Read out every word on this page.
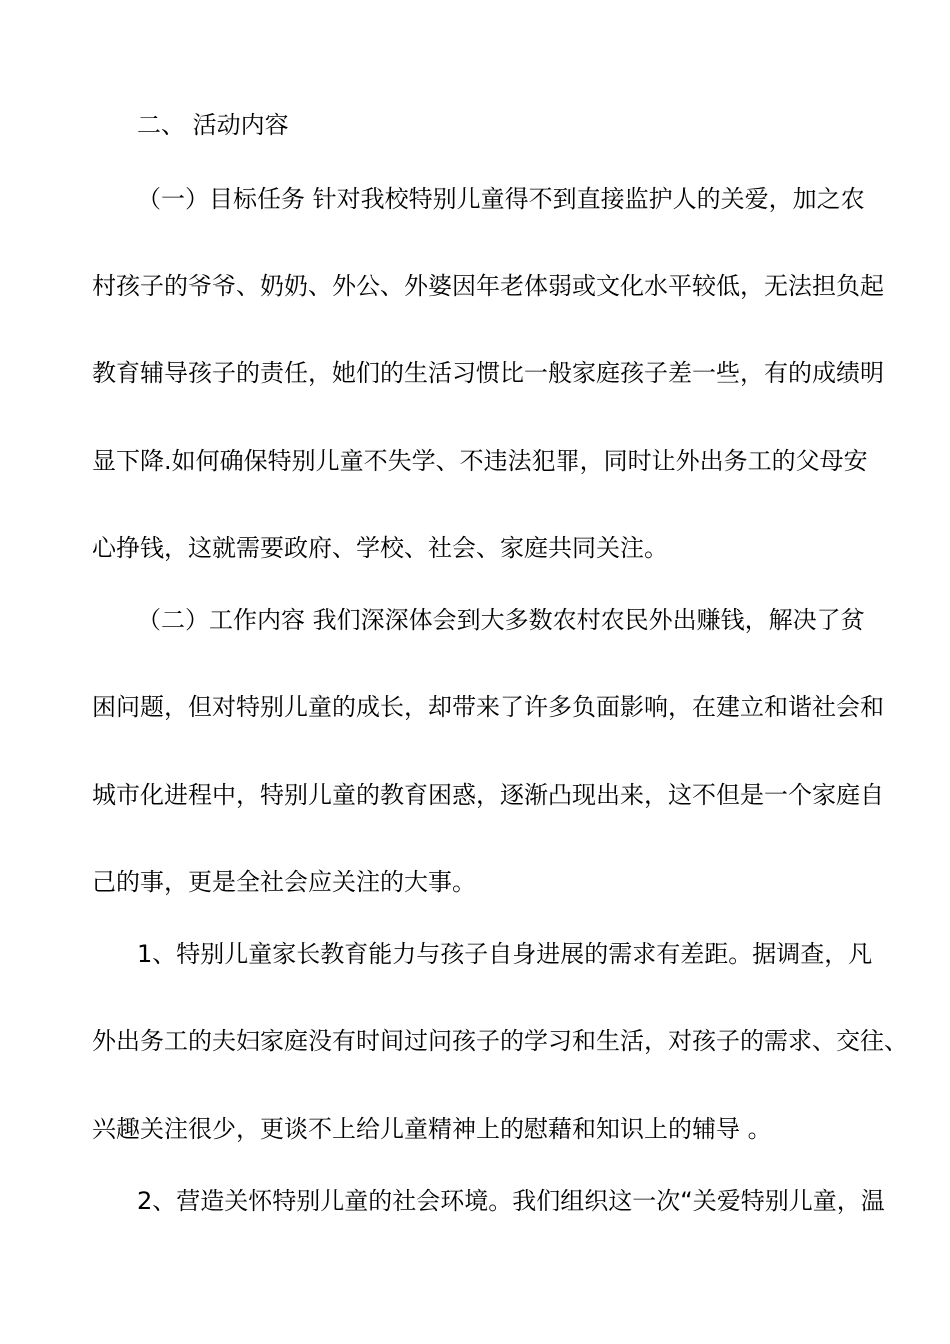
二、 活动内容
（一）目标任务 针对我校特别儿童得不到直接监护人的关爱，加之农
村孩子的爷爷、奶奶、外公、外婆因年老体弱或文化水平较低，无法担负起
教育辅导孩子的责任，她们的生活习惯比一般家庭孩子差一些，有的成绩明
显下降.如何确保特别儿童不失学、不违法犯罪，同时让外出务工的父母安
心挣钱，这就需要政府、学校、社会、家庭共同关注。
（二）工作内容 我们深深体会到大多数农村农民外出赚钱，解决了贫
困问题，但对特别儿童的成长，却带来了许多负面影响，在建立和谐社会和
城市化进程中，特别儿童的教育困惑，逐渐凸现出来，这不但是一个家庭自
己的事，更是全社会应关注的大事。
1、特别儿童家长教育能力与孩子自身进展的需求有差距。据调查，凡
外出务工的夫妇家庭没有时间过问孩子的学习和生活，对孩子的需求、交往、
兴趣关注很少，更谈不上给儿童精神上的慰藉和知识上的辅导 。
2、营造关怀特别儿童的社会环境。我们组织这一次“关爱特别儿童，温
